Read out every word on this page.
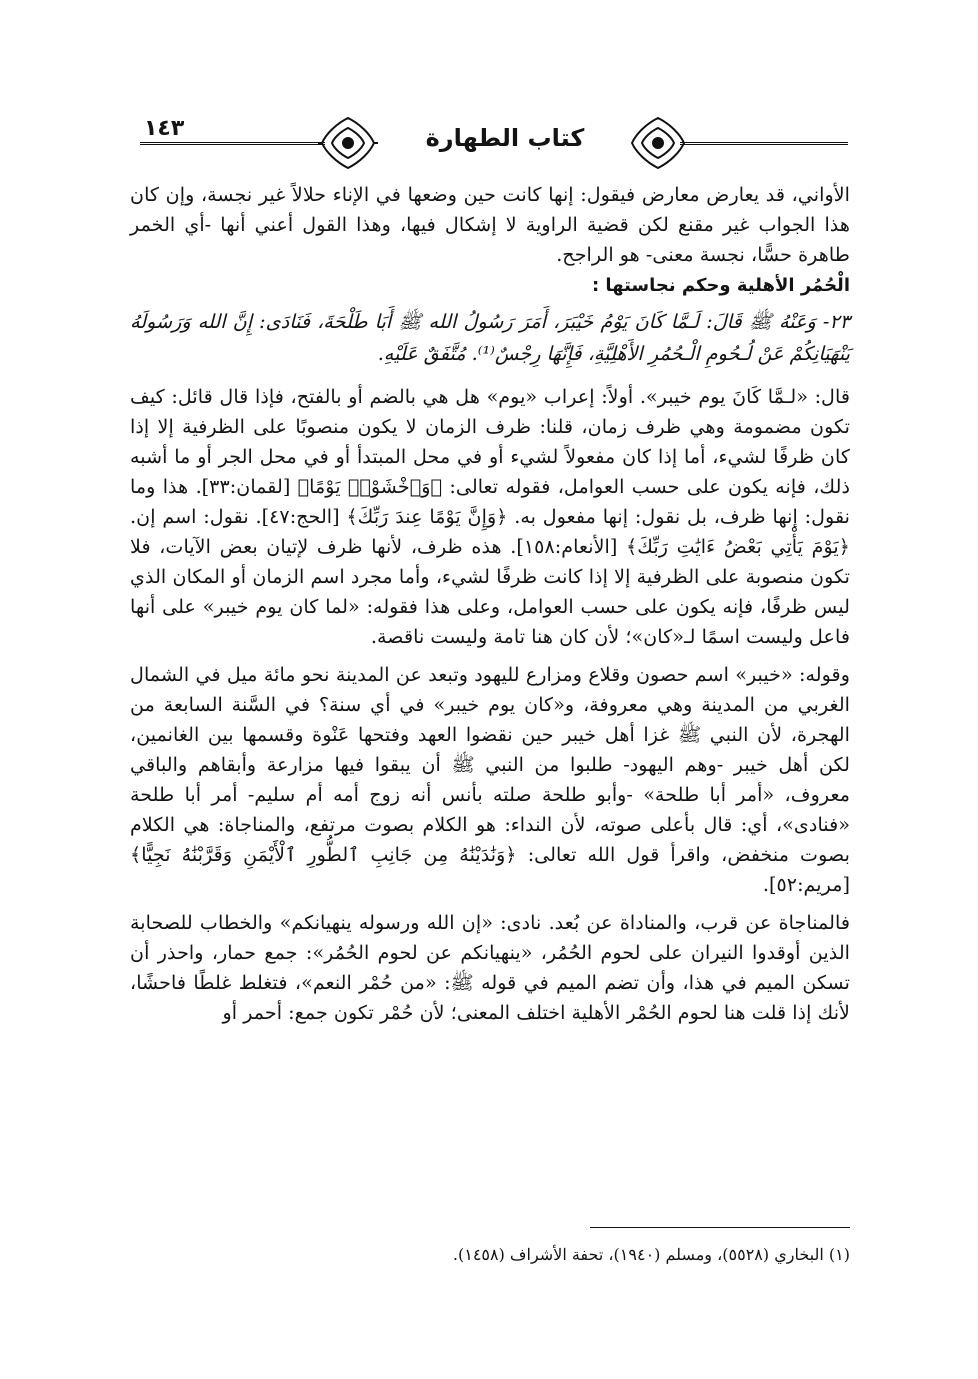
١٤٣	كتاب الطهارة

الأواني، قد يعارض معارض فيقول: إنها كانت حين وضعها في الإناء حلالاً غير نجسة، وإن كان هذا الجواب غير مقنع لكن قضية الراوية لا إشكال فيها، وهذا القول أعني أنها -أي الخمر طاهرة حسًّا، نجسة معنى- هو الراجح.

الْحُمُر الأهلية وحكم نجاستها :

٢٣- وَعَنْهُ ﷺ قَالَ: لَـمَّا كَانَ يَوْمُ خَيْبَرَ، أَمَرَ رَسُولُ الله ﷺ أَبَا طَلْحَةَ، فَنَادَى: إِنَّ الله وَرَسُولَهُ يَنْهَيَانِكُمْ عَنْ لُـحُومِ الْـحُمُرِ الأَهْلِيَّةِ، فَإِنَّهَا رِجْسٌ⁽¹⁾. مُتَّفَقٌ عَلَيْهِ.

قال: «لـمَّا كَانَ يوم خيبر». أولاً: إعراب «يوم» هل هي بالضم أو بالفتح، فإذا قال قائل: كيف تكون مضمومة وهي ظرف زمان، قلنا: ظرف الزمان لا يكون منصوبًا على الظرفية إلا إذا كان ظرفًا لشيء، أما إذا كان مفعولاً لشيء أو في محل المبتدأ أو في محل الجر أو ما أشبه ذلك، فإنه يكون على حسب العوامل، فقوله تعالى: ﴿وَٱخْشَوْا۟ يَوْمًا﴾ [لقمان:٣٣]. هذا وما نقول: إنها ظرف، بل نقول: إنها مفعول به. ﴿وَإِنَّ يَوْمًا عِندَ رَبِّكَ﴾ [الحج:٤٧]. نقول: اسم إن. ﴿يَوْمَ يَأْتِي بَعْضُ ءَايَٰتِ رَبِّكَ﴾ [الأنعام:١٥٨]. هذه ظرف، لأنها ظرف لإتيان بعض الآيات، فلا تكون منصوبة على الظرفية إلا إذا كانت ظرفًا لشيء، وأما مجرد اسم الزمان أو المكان الذي ليس ظرفًا، فإنه يكون على حسب العوامل، وعلى هذا فقوله: «لما كان يوم خيبر» على أنها فاعل وليست اسمًا لـ«كان»؛ لأن كان هنا تامة وليست ناقصة.

وقوله: «خيبر» اسم حصون وقلاع ومزارع لليهود وتبعد عن المدينة نحو مائة ميل في الشمال الغربي من المدينة وهي معروفة، و«كان يوم خيبر» في أي سنة؟ في السَّنة السابعة من الهجرة، لأن النبي ﷺ غزا أهل خيبر حين نقضوا العهد وفتحها عَنْوة وقسمها بين الغانمين، لكن أهل خيبر -وهم اليهود- طلبوا من النبي ﷺ أن يبقوا فيها مزارعة وأبقاهم والباقي معروف، «أمر أبا طلحة» -وأبو طلحة صلته بأنس أنه زوج أمه أم سليم- أمر أبا طلحة «فنادى»، أي: قال بأعلى صوته، لأن النداء: هو الكلام بصوت مرتفع، والمناجاة: هي الكلام بصوت منخفض، واقرأ قول الله تعالى: ﴿وَنَٰدَيْنَٰهُ مِن جَانِبِ ٱلطُّورِ ٱلْأَيْمَنِ وَقَرَّبْنَٰهُ نَجِيًّا﴾ [مريم:٥٢].

فالمناجاة عن قرب، والمناداة عن بُعد. نادى: «إن الله ورسوله ينهيانكم» والخطاب للصحابة الذين أوقدوا النيران على لحوم الحُمُر، «ينهيانكم عن لحوم الحُمُر»: جمع حمار، واحذر أن تسكن الميم في هذا، وأن تضم الميم في قوله ﷺ: «من حُمْر النعم»، فتغلط غلطًا فاحشًا، لأنك إذا قلت هنا لحوم الحُمْر الأهلية اختلف المعنى؛ لأن حُمْر تكون جمع: أحمر أو

(١) البخاري (٥٥٢٨)، ومسلم (١٩٤٠)، تحفة الأشراف (١٤٥٨).
